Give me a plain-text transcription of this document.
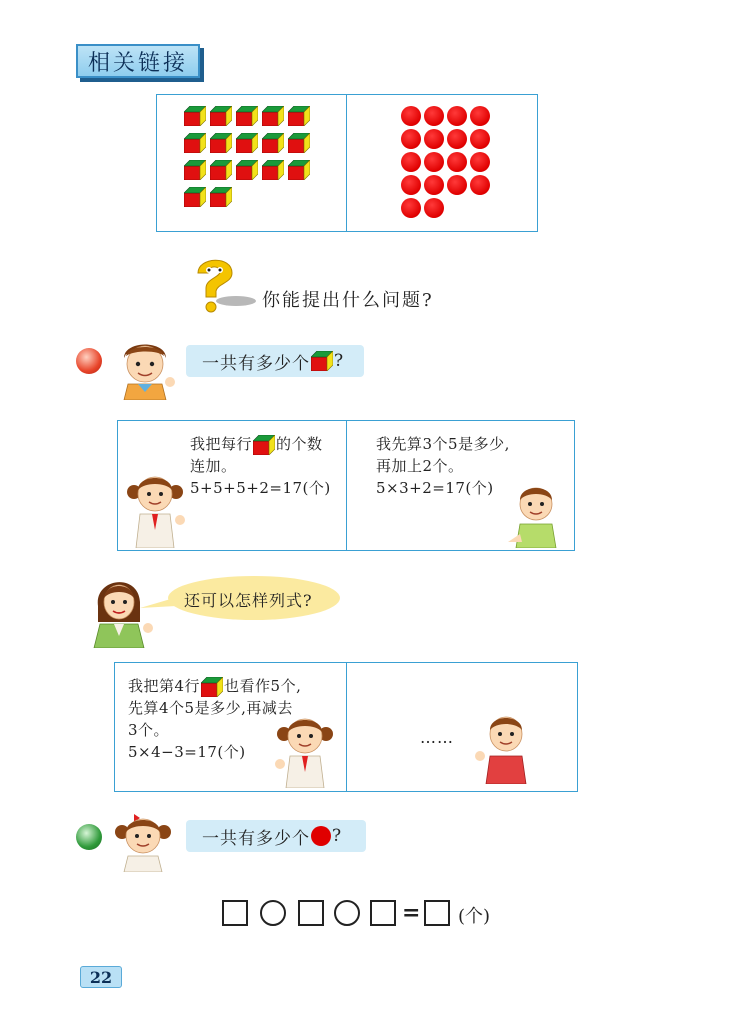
相关链接
你能提出什么问题?
一共有多少个 ?
我把每行 的个数
连加。
5+5+5+2=17(个)
我先算3个5是多少,
再加上2个。
5×3+2=17(个)
还可以怎样列式?
我把第4行 也看作5个,
先算4个5是多少,再减去
3个。
5×4−3=17(个)
……
一共有多少个 ?
= (个)
22
